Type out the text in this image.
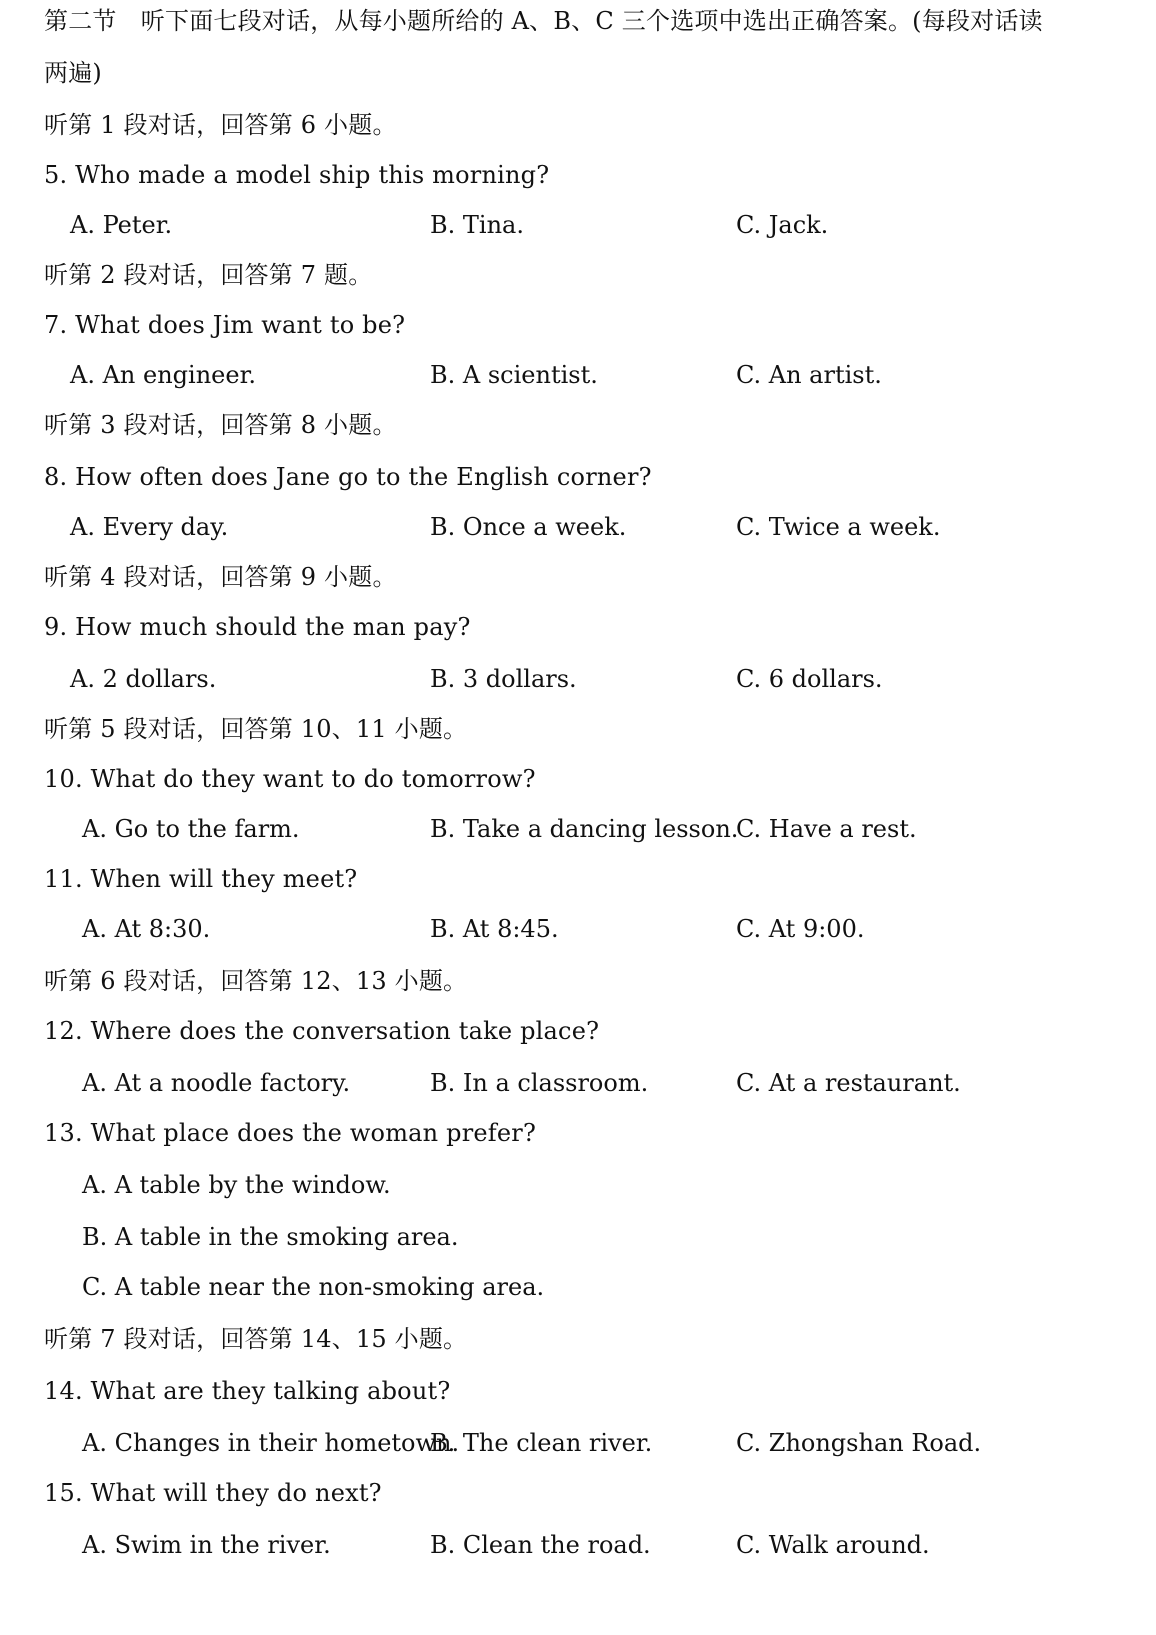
第二节　听下面七段对话，从每小题所给的 A、B、C 三个选项中选出正确答案。(每段对话读
两遍)
听第 1 段对话，回答第 6 小题。
5. Who made a model ship this morning?
A. Peter.	B. Tina.	C. Jack.
听第 2 段对话，回答第 7 题。
7. What does Jim want to be?
A. An engineer.	B. A scientist.	C. An artist.
听第 3 段对话，回答第 8 小题。
8. How often does Jane go to the English corner?
A. Every day.	B. Once a week.	C. Twice a week.
听第 4 段对话，回答第 9 小题。
9. How much should the man pay?
A. 2 dollars.	B. 3 dollars.	C. 6 dollars.
听第 5 段对话，回答第 10、11 小题。
10. What do they want to do tomorrow?
A. Go to the farm.	B. Take a dancing lesson.
C. Have a rest.
11. When will they meet?
A. At 8:30.	B. At 8:45.	C. At 9:00.
听第 6 段对话，回答第 12、13 小题。
12. Where does the conversation take place?
A. At a noodle factory.	B. In a classroom.	C. At a restaurant.
13. What place does the woman prefer?
A. A table by the window.
B. A table in the smoking area.
C. A table near the non-smoking area.
听第 7 段对话，回答第 14、15 小题。
14. What are they talking about?
A. Changes in their hometown.
B. The clean river.	C. Zhongshan Road.
15. What will they do next?
A. Swim in the river.	B. Clean the road.	C. Walk around.
